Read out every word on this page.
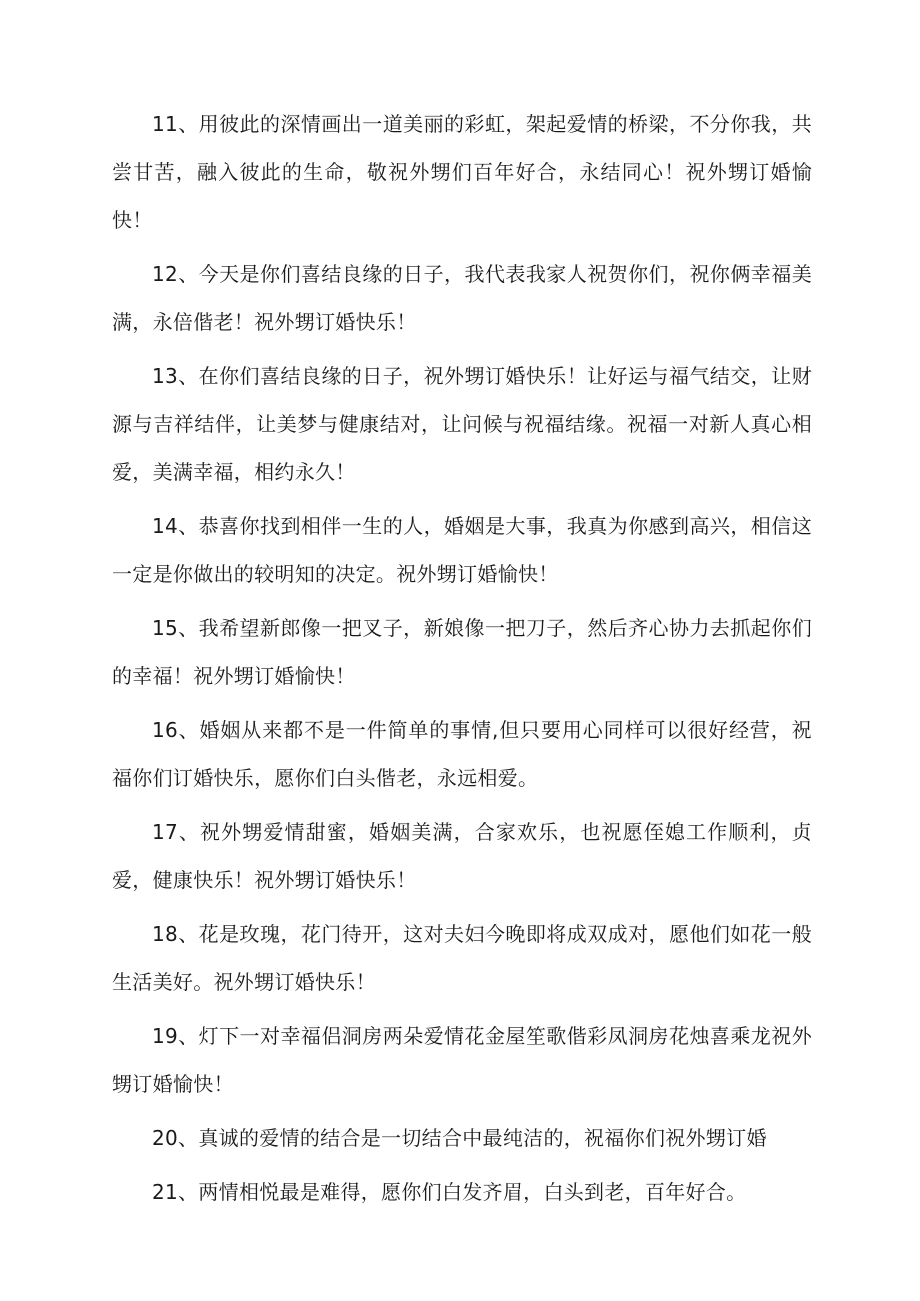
11、用彼此的深情画出一道美丽的彩虹，架起爱情的桥梁，不分你我，共尝甘苦，融入彼此的生命，敬祝外甥们百年好合，永结同心！祝外甥订婚愉快！

12、今天是你们喜结良缘的日子，我代表我家人祝贺你们，祝你俩幸福美满，永倍偕老！祝外甥订婚快乐！

13、在你们喜结良缘的日子，祝外甥订婚快乐！让好运与福气结交，让财源与吉祥结伴，让美梦与健康结对，让问候与祝福结缘。祝福一对新人真心相爱，美满幸福，相约永久！

14、恭喜你找到相伴一生的人，婚姻是大事，我真为你感到高兴，相信这一定是你做出的较明知的决定。祝外甥订婚愉快！

15、我希望新郎像一把叉子，新娘像一把刀子，然后齐心协力去抓起你们的幸福！祝外甥订婚愉快！

16、婚姻从来都不是一件简单的事情,但只要用心同样可以很好经营，祝福你们订婚快乐，愿你们白头偕老，永远相爱。

17、祝外甥爱情甜蜜，婚姻美满，合家欢乐，也祝愿侄媳工作顺利，贞爱，健康快乐！祝外甥订婚快乐！

18、花是玫瑰，花门待开，这对夫妇今晚即将成双成对，愿他们如花一般生活美好。祝外甥订婚快乐！

19、灯下一对幸福侣洞房两朵爱情花金屋笙歌偕彩凤洞房花烛喜乘龙祝外甥订婚愉快！

20、真诚的爱情的结合是一切结合中最纯洁的，祝福你们祝外甥订婚

21、两情相悦最是难得，愿你们白发齐眉，白头到老，百年好合。
